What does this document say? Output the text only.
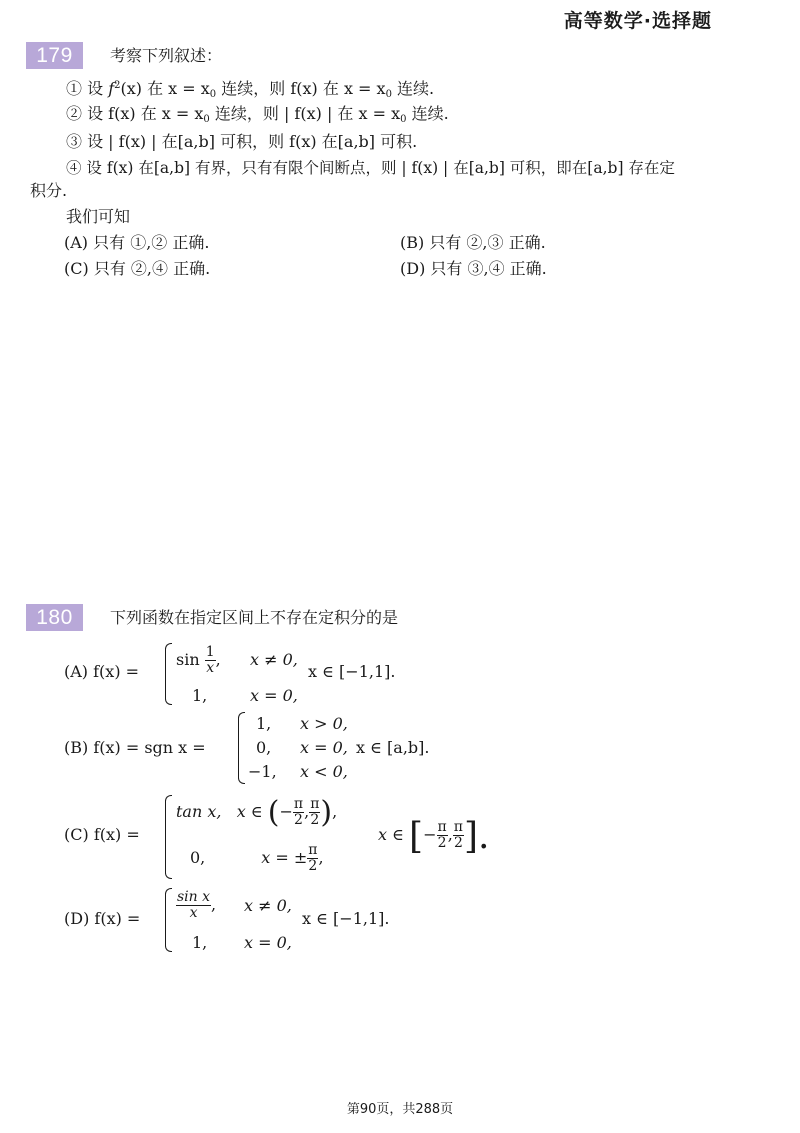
高等数学·选择题
179	考察下列叙述：
① 设 $f^2(x)$ 在 $x = x_0$ 连续，则 f(x) 在 $x = x_0$ 连续.
② 设 f(x) 在 $x = x_0$ 连续，则 | f(x) | 在 $x = x_0$ 连续.
③ 设 | f(x) | 在[a,b] 可积，则 f(x) 在[a,b] 可积.
④ 设 f(x) 在[a,b] 有界，只有有限个间断点，则 | f(x) | 在[a,b] 可积，即在[a,b] 存在定
积分.
我们可知
(A) 只有 ①,② 正确.	(B) 只有 ②,③ 正确.
(C) 只有 ②,④ 正确.	(D) 只有 ③,④ 正确.
180	下列函数在指定区间上不存在定积分的是
(A) f(x) =
$\sin \frac{1}{x}$ , x ≠ 0,
1,	x = 0,
x ∈ [−1,1].
(B) f(x) = sgn x =
1, x > 0,
0, x = 0, x ∈ [a,b].
−1, x < 0,
(C) f(x) =
tan x, x ∈ (− $\frac{\pi}{2}$ , $\frac{\pi}{2}$ ),
0,	x = ± $\frac{\pi}{2}$ ,
x ∈ [− $\frac{\pi}{2}$ , $\frac{\pi}{2}$ ].
(D) f(x) =	$\frac{\text{sin x}}{x}$ , x ≠ 0,
1, x = 0,
x ∈ [−1,1].
第90页，共288页
